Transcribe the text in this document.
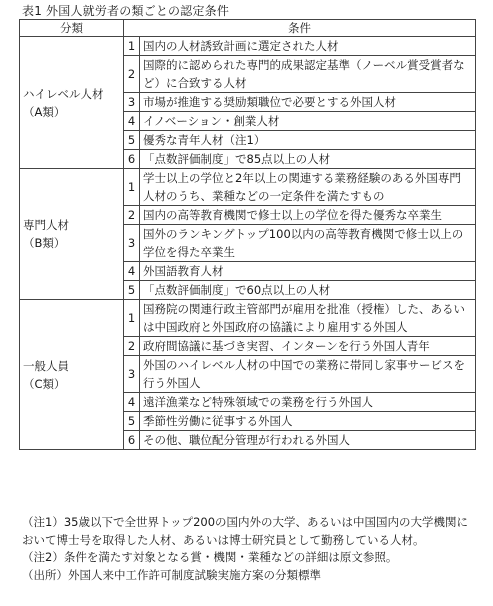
表1 外国人就労者の類ごとの認定条件
分類	条件	

ハイレベル人材
（A類）	1	国内の人材誘致計画に選定された人材
	2	国際的に認められた専門的成果認定基準（ノーベル賞受賞者など）に合致する人材
	3	市場が推進する奨励類職位で必要とする外国人材
	4	イノベーション・創業人材
	5	優秀な青年人材（注1）
	6	「点数評価制度」で85点以上の人材

専門人材
（B類）	1	学士以上の学位と2年以上の関連する業務経験のある外国専門人材のうち、業種などの一定条件を満たすもの
	2	国内の高等教育機関で修士以上の学位を得た優秀な卒業生
	3	国外のランキングトップ100以内の高等教育機関で修士以上の学位を得た卒業生
	4	外国語教育人材
	5	「点数評価制度」で60点以上の人材

一般人員
（C類）	1	国務院の関連行政主管部門が雇用を批准（授権）した、あるいは中国政府と外国政府の協議により雇用する外国人
	2	政府間協議に基づき実習、インターンを行う外国人青年
	3	外国のハイレベル人材の中国での業務に帯同し家事サービスを行う外国人
	4	遠洋漁業など特殊領域での業務を行う外国人
	5	季節性労働に従事する外国人
	6	その他、職位配分管理が行われる外国人

（注1）35歳以下で全世界トップ200の国内外の大学、あるいは中国国内の大学機関において博士号を取得した人材、あるいは博士研究員として勤務している人材。

（注2）条件を満たす対象となる賞・機関・業種などの詳細は原文参照。

（出所）外国人来中工作許可制度試験実施方案の分類標準
